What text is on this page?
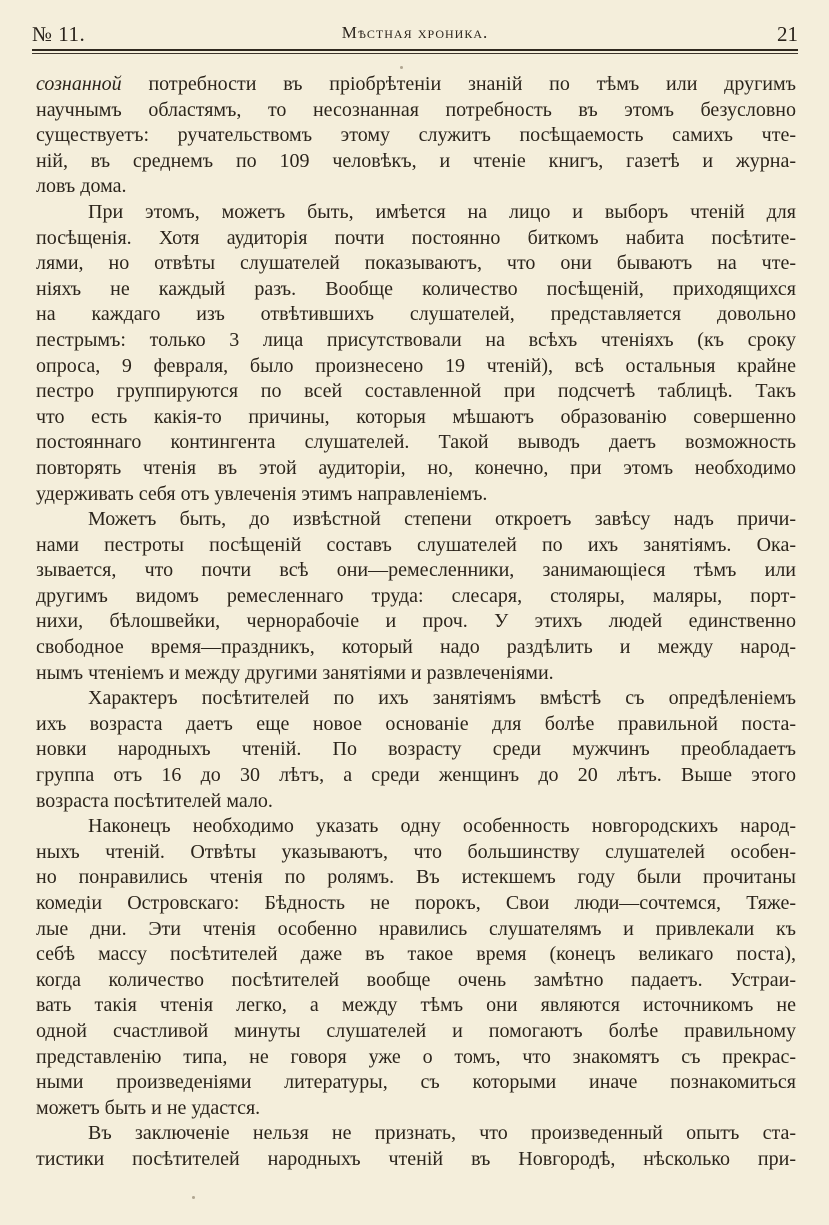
№ 11.	Мѣстная хроника.	21
сознанной потребности въ пріобрѣтеніи знаній по тѣмъ или другимъ
научнымъ областямъ, то несознанная потребность въ этомъ безусловно
существуетъ: ручательствомъ этому служитъ посѣщаемость самихъ чте-
ній, въ среднемъ по 109 человѣкъ, и чтеніе книгъ, газетѣ и журна-
ловъ дома.
При этомъ, можетъ быть, имѣется на лицо и выборъ чтеній для
посѣщенія. Хотя аудиторія почти постоянно биткомъ набита посѣтите-
лями, но отвѣты слушателей показываютъ, что они бываютъ на чте-
ніяхъ не каждый разъ. Вообще количество посѣщеній, приходящихся
на каждаго изъ отвѣтившихъ слушателей, представляется довольно
пестрымъ: только 3 лица присутствовали на всѣхъ чтеніяхъ (къ сроку
опроса, 9 февраля, было произнесено 19 чтеній), всѣ остальныя крайне
пестро группируются по всей составленной при подсчетѣ таблицѣ. Такъ
что есть какія-то причины, которыя мѣшаютъ образованію совершенно
постояннаго контингента слушателей. Такой выводъ даетъ возможность
повторять чтенія въ этой аудиторіи, но, конечно, при этомъ необходимо
удерживать себя отъ увлеченія этимъ направленіемъ.
Можетъ быть, до извѣстной степени откроетъ завѣсу надъ причи-
нами пестроты посѣщеній составъ слушателей по ихъ занятіямъ. Ока-
зывается, что почти всѣ они—ремесленники, занимающіеся тѣмъ или
другимъ видомъ ремесленнаго труда: слесаря, столяры, маляры, порт-
нихи, бѣлошвейки, чернорабочіе и проч. У этихъ людей единственно
свободное время—праздникъ, который надо раздѣлить и между народ-
нымъ чтеніемъ и между другими занятіями и развлеченіями.
Характеръ посѣтителей по ихъ занятіямъ вмѣстѣ съ опредѣленіемъ
ихъ возраста даетъ еще новое основаніе для болѣе правильной поста-
новки народныхъ чтеній. По возрасту среди мужчинъ преобладаетъ
группа отъ 16 до 30 лѣтъ, а среди женщинъ до 20 лѣтъ. Выше этого
возраста посѣтителей мало.
Наконецъ необходимо указать одну особенность новгородскихъ народ-
ныхъ чтеній. Отвѣты указываютъ, что большинству слушателей особен-
но понравились чтенія по ролямъ. Въ истекшемъ году были прочитаны
комедіи Островскаго: Бѣдность не порокъ, Свои люди—сочтемся, Тяже-
лые дни. Эти чтенія особенно нравились слушателямъ и привлекали къ
себѣ массу посѣтителей даже въ такое время (конецъ великаго поста),
когда количество посѣтителей вообще очень замѣтно падаетъ. Устраи-
вать такія чтенія легко, а между тѣмъ они являются источникомъ не
одной счастливой минуты слушателей и помогаютъ болѣе правильному
представленію типа, не говоря уже о томъ, что знакомятъ съ прекрас-
ными произведеніями литературы, съ которыми иначе познакомиться
можетъ быть и не удастся.
Въ заключеніе нельзя не признать, что произведенный опытъ ста-
тистики посѣтителей народныхъ чтеній въ Новгородѣ, нѣсколько при-
